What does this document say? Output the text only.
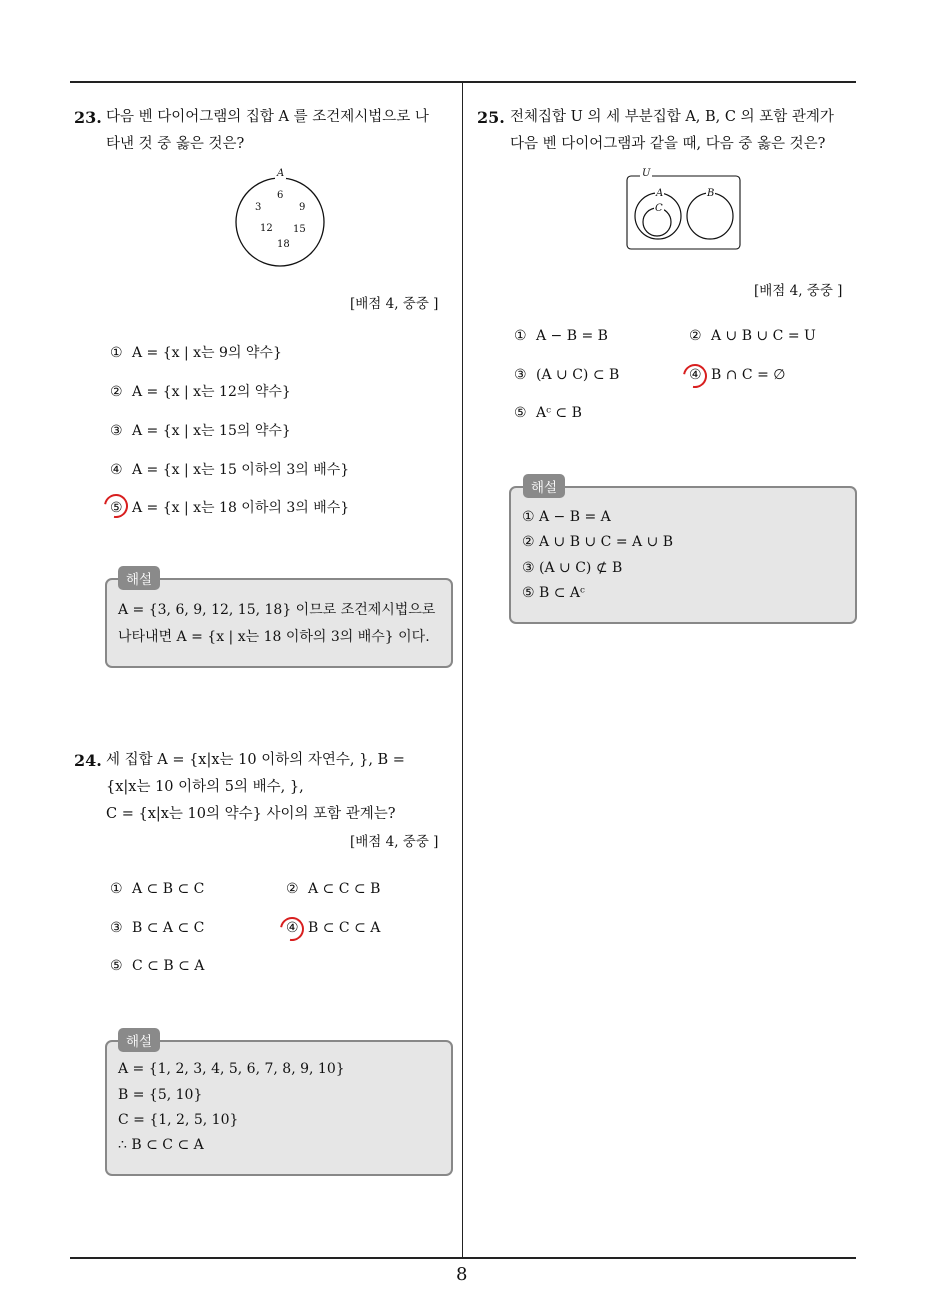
23. 다음 벤 다이어그램의 집합 A 를 조건제시법으로 나
타낸 것 중 옳은 것은?
A
6
3	9
12 15
18
[배점 4, 중중 ]
① A = {x | x는 9의 약수}
② A = {x | x는 12의 약수}
③ A = {x | x는 15의 약수}
④ A = {x | x는 15 이하의 3의 배수}
⑤ A = {x | x는 18 이하의 3의 배수}
해설
A = {3, 6, 9, 12, 15, 18} 이므로 조건제시법으로
나타내면 A = {x | x는 18 이하의 3의 배수} 이다.
24. 세 집합 A = {x|x는 10 이하의 자연수, }, B =
{x|x는 10 이하의 5의 배수, },
C = {x|x는 10의 약수} 사이의 포함 관계는?
[배점 4, 중중 ]
① A ⊂ B ⊂ C	② A ⊂ C ⊂ B
③ B ⊂ A ⊂ C	④ B ⊂ C ⊂ A
⑤ C ⊂ B ⊂ A
해설
A = {1, 2, 3, 4, 5, 6, 7, 8, 9, 10}
B = {5, 10}
C = {1, 2, 5, 10}
∴ B ⊂ C ⊂ A
25. 전체집합 U 의 세 부분집합 A, B, C 의 포함 관계가
다음 벤 다이어그램과 같을 때, 다음 중 옳은 것은?
U
A
C
B
[배점 4, 중중 ]
① A − B = B	② A ∪ B ∪ C = U
③ (A ∪ C) ⊂ B	④ B ∩ C = ∅
⑤ Aᶜ ⊂ B
해설
① A − B = A
② A ∪ B ∪ C = A ∪ B
③ (A ∪ C) ⊄ B
⑤ B ⊂ Aᶜ
8
